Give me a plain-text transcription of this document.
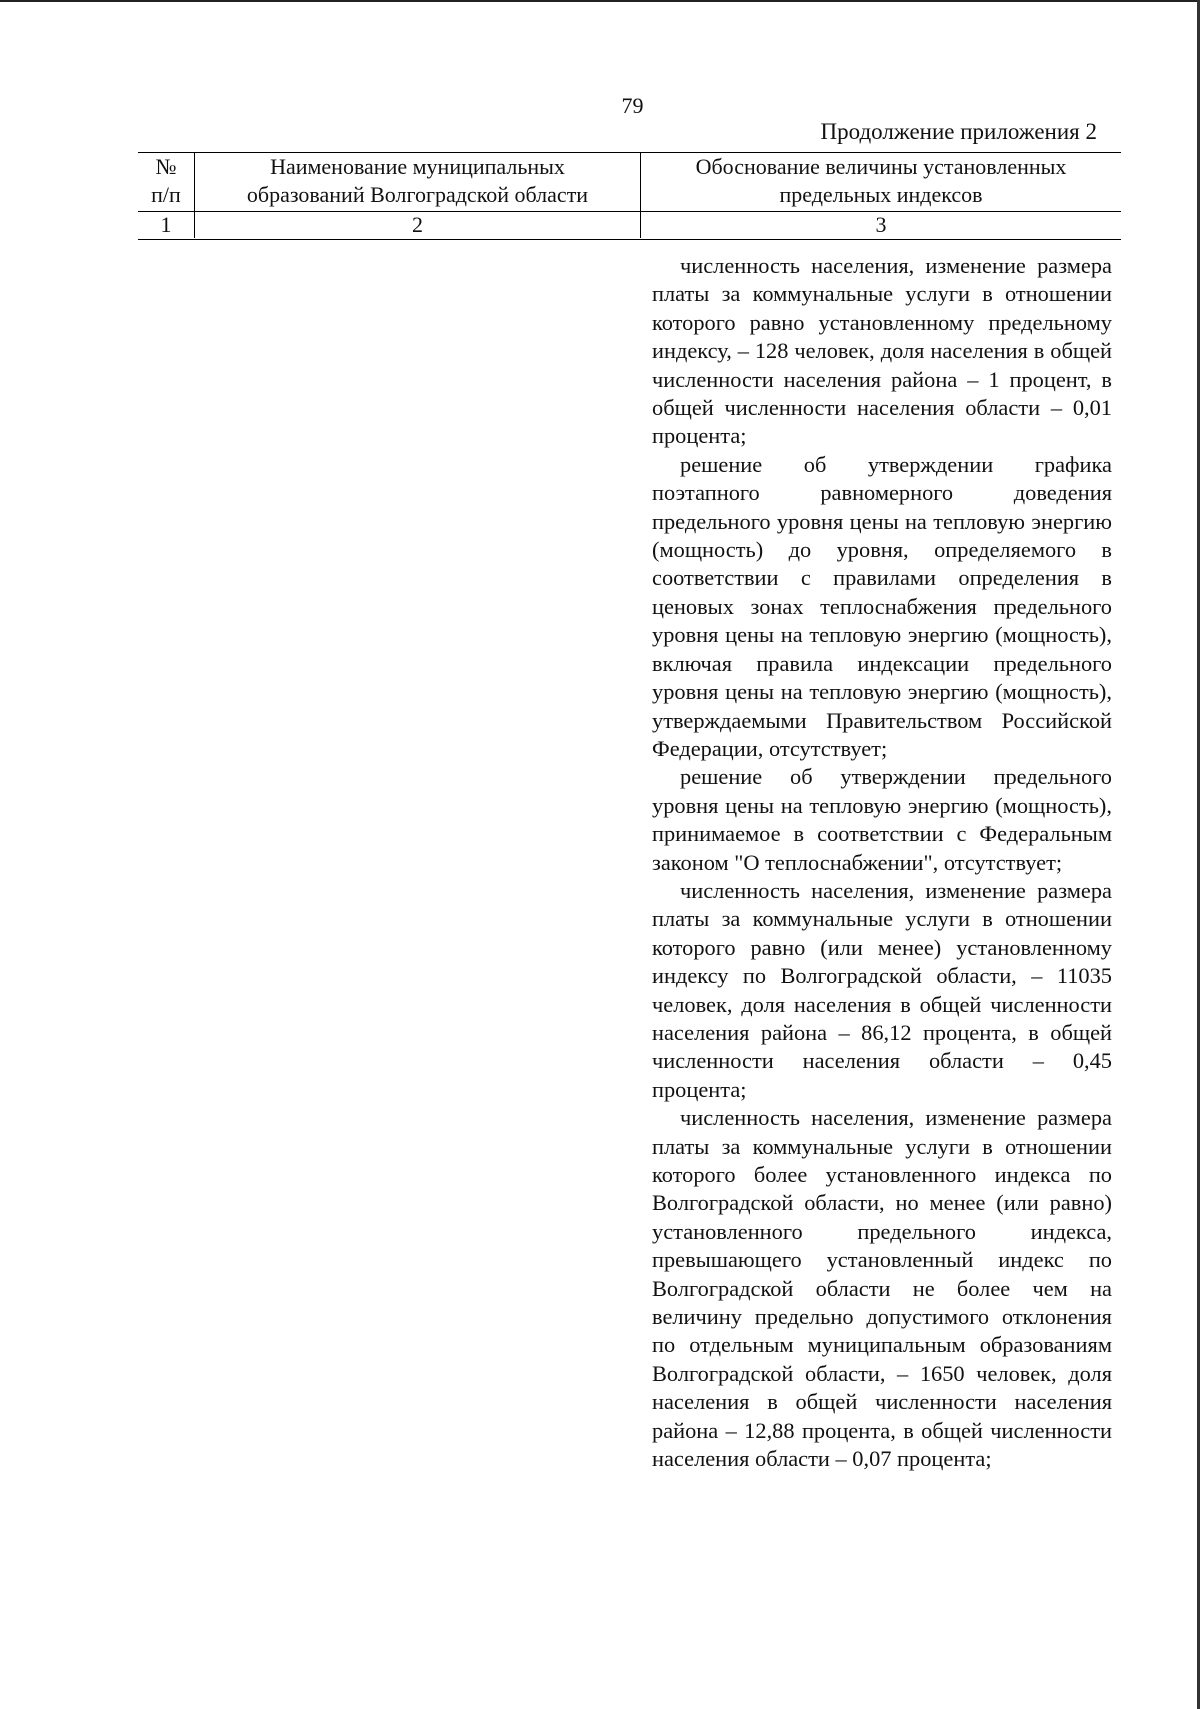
79
Продолжение приложения 2
№
п/п
Наименование муниципальных
образований Волгоградской области
Обоснование величины установленных
предельных индексов
1	2	3

численность населения, изменение размера платы за коммунальные услуги в отношении которого равно установленному предельному индексу, – 128 человек, доля населения в общей численности населения района – 1 процент, в общей численности населения области – 0,01 процента;

решение об утверждении графика поэтапного равномерного доведения предельного уровня цены на тепловую энергию (мощность) до уровня, определяемого в соответствии с правилами определения в ценовых зонах теплоснабжения предельного уровня цены на тепловую энергию (мощность), включая правила индексации предельного уровня цены на тепловую энергию (мощность), утверждаемыми Правительством Российской Федерации, отсутствует;

решение об утверждении предельного уровня цены на тепловую энергию (мощность), принимаемое в соответствии с Федеральным законом "О теплоснабжении", отсутствует;

численность населения, изменение размера платы за коммунальные услуги в отношении которого равно (или менее) установленному индексу по Волгоградской области, – 11035 человек, доля населения в общей численности населения района – 86,12 процента, в общей численности населения области – 0,45 процента;

численность населения, изменение размера платы за коммунальные услуги в отношении которого более установленного индекса по Волгоградской области, но менее (или равно) установленного предельного индекса, превышающего установленный индекс по Волгоградской области не более чем на величину предельно допустимого отклонения по отдельным муниципальным образованиям Волгоградской области, – 1650 человек, доля населения в общей численности населения района – 12,88 процента, в общей численности населения области – 0,07 процента;
